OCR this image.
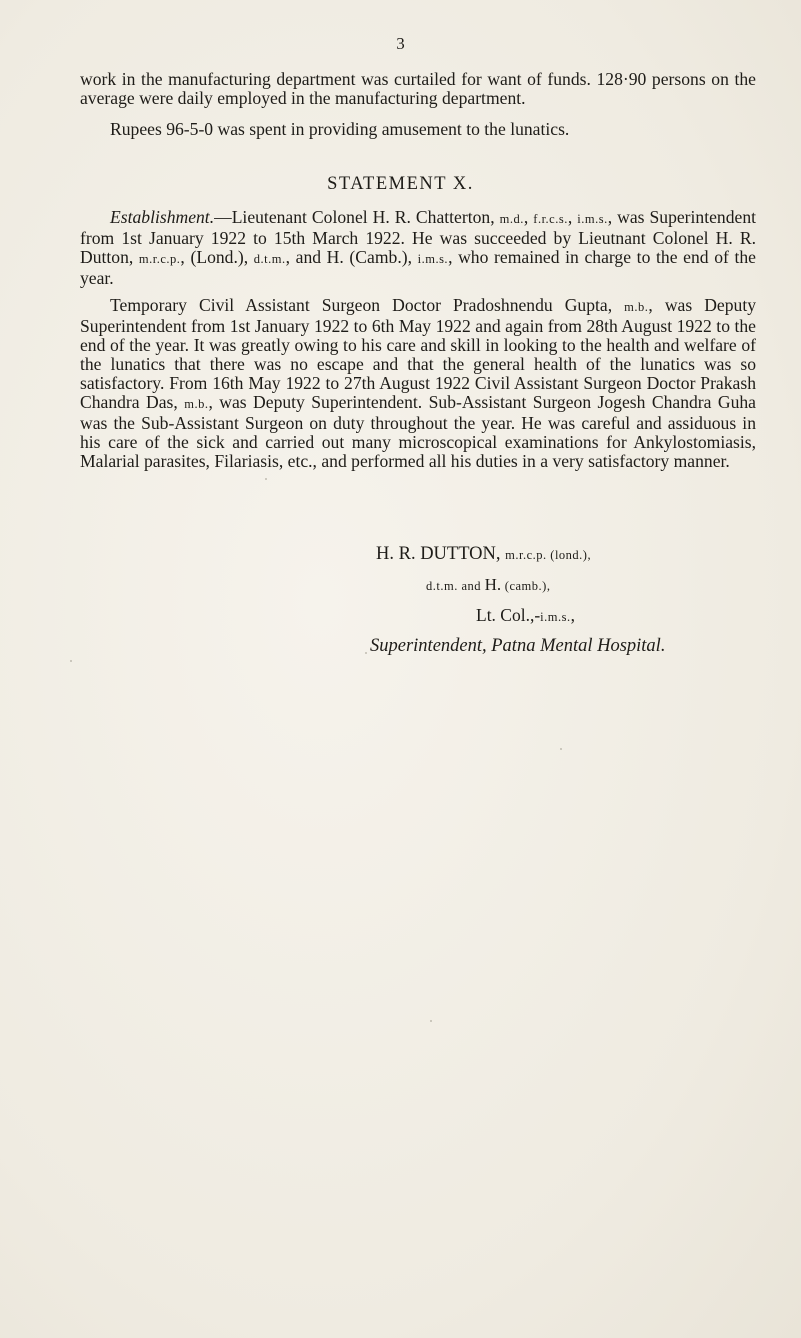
3

work in the manufacturing department was curtailed for want of funds. 128·90 persons on the average were daily employed in the manufacturing department.

Rupees 96-5-0 was spent in providing amusement to the lunatics.

STATEMENT X.

Establishment.—Lieutenant Colonel H. R. Chatterton, m.d., f.r.c.s., i.m.s., was Superintendent from 1st January 1922 to 15th March 1922. He was succeeded by Lieutnant Colonel H. R. Dutton, m.r.c.p., (Lond.), d.t.m., and H. (Camb.), i.m.s., who remained in charge to the end of the year.

Temporary Civil Assistant Surgeon Doctor Pradoshnendu Gupta, m.b., was Deputy Superintendent from 1st January 1922 to 6th May 1922 and again from 28th August 1922 to the end of the year. It was greatly owing to his care and skill in looking to the health and welfare of the lunatics that there was no escape and that the general health of the lunatics was so satisfactory. From 16th May 1922 to 27th August 1922 Civil Assistant Surgeon Doctor Prakash Chandra Das, m.b., was Deputy Superintendent. Sub-Assistant Surgeon Jogesh Chandra Guha was the Sub-Assistant Surgeon on duty throughout the year. He was careful and assiduous in his care of the sick and carried out many microscopical examinations for Ankylostomiasis, Malarial parasites, Filariasis, etc., and performed all his duties in a very satisfactory manner.

H. R. DUTTON, m.r.c.p. (lond.),
d.t.m. and H. (camb.),
Lt. Col.,-i.m.s.,
Superintendent, Patna Mental Hospital.
